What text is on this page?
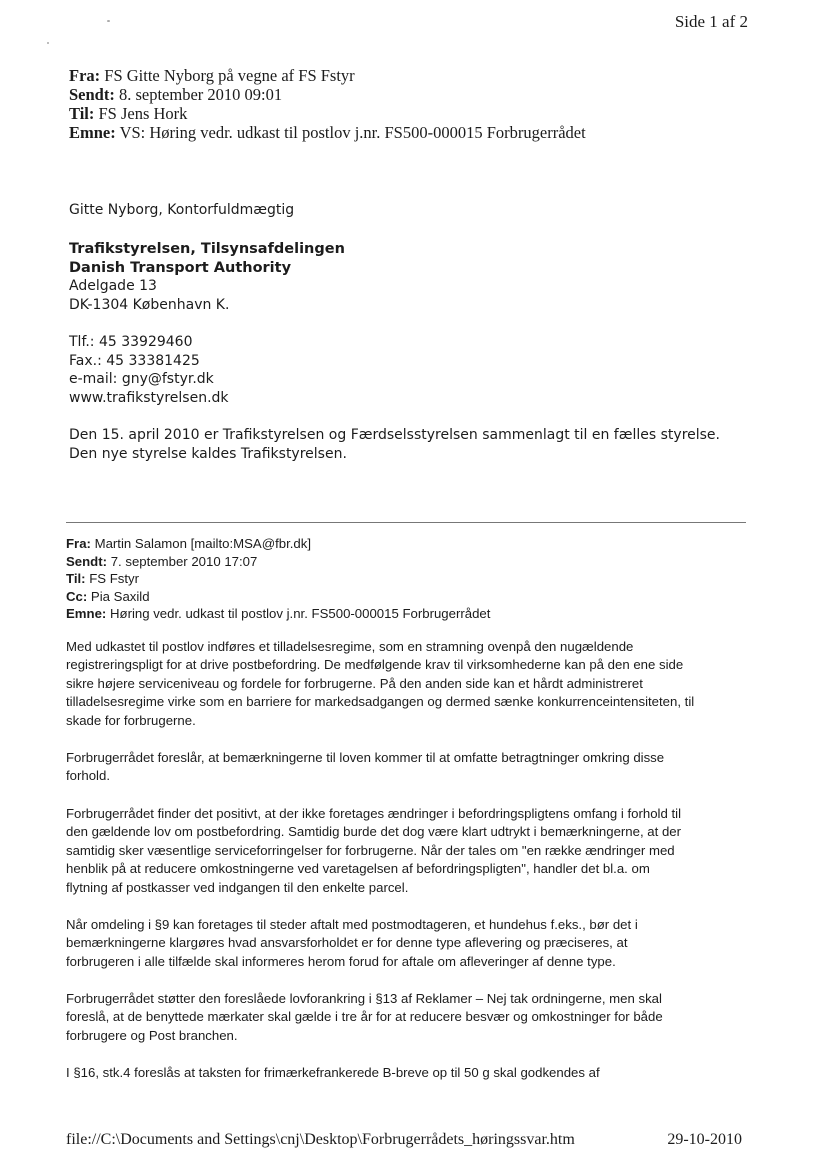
Side 1 af 2
Fra: FS Gitte Nyborg på vegne af FS Fstyr
Sendt: 8. september 2010 09:01
Til: FS Jens Hork
Emne: VS: Høring vedr. udkast til postlov j.nr. FS500-000015 Forbrugerrådet
Gitte Nyborg, Kontorfuldmægtig
Trafikstyrelsen, Tilsynsafdelingen
Danish Transport Authority
Adelgade 13
DK-1304 København K.
Tlf.: 45 33929460
Fax.: 45 33381425
e-mail: gny@fstyr.dk
www.trafikstyrelsen.dk
Den 15. april 2010 er Trafikstyrelsen og Færdselsstyrelsen sammenlagt til en fælles styrelse.
Den nye styrelse kaldes Trafikstyrelsen.
Fra: Martin Salamon [mailto:MSA@fbr.dk]
Sendt: 7. september 2010 17:07
Til: FS Fstyr
Cc: Pia Saxild
Emne: Høring vedr. udkast til postlov j.nr. FS500-000015 Forbrugerrådet
Med udkastet til postlov indføres et tilladelsesregime, som en stramning ovenpå den nugældende
registreringspligt for at drive postbefordring. De medfølgende krav til virksomhederne kan på den ene side
sikre højere serviceniveau og fordele for forbrugerne. På den anden side kan et hårdt administreret
tilladelsesregime virke som en barriere for markedsadgangen og dermed sænke konkurrenceintensiteten, til
skade for forbrugerne.
Forbrugerrådet foreslår, at bemærkningerne til loven kommer til at omfatte betragtninger omkring disse
forhold.
Forbrugerrådet finder det positivt, at der ikke foretages ændringer i befordringspligtens omfang i forhold til
den gældende lov om postbefordring. Samtidig burde det dog være klart udtrykt i bemærkningerne, at der
samtidig sker væsentlige serviceforringelser for forbrugerne. Når der tales om "en række ændringer med
henblik på at reducere omkostningerne ved varetagelsen af befordringspligten", handler det bl.a. om
flytning af postkasser ved indgangen til den enkelte parcel.
Når omdeling i §9 kan foretages til steder aftalt med postmodtageren, et hundehus f.eks., bør det i
bemærkningerne klargøres hvad ansvarsforholdet er for denne type aflevering og præciseres, at
forbrugeren i alle tilfælde skal informeres herom forud for aftale om afleveringer af denne type.
Forbrugerrådet støtter den foreslåede lovforankring i §13 af Reklamer – Nej tak ordningerne, men skal
foreslå, at de benyttede mærkater skal gælde i tre år for at reducere besvær og omkostninger for både
forbrugere og Post branchen.
I §16, stk.4 foreslås at taksten for frimærkefrankerede B-breve op til 50 g skal godkendes af
file://C:\Documents and Settings\cnj\Desktop\Forbrugerrådets_høringssvar.htm	29-10-2010
